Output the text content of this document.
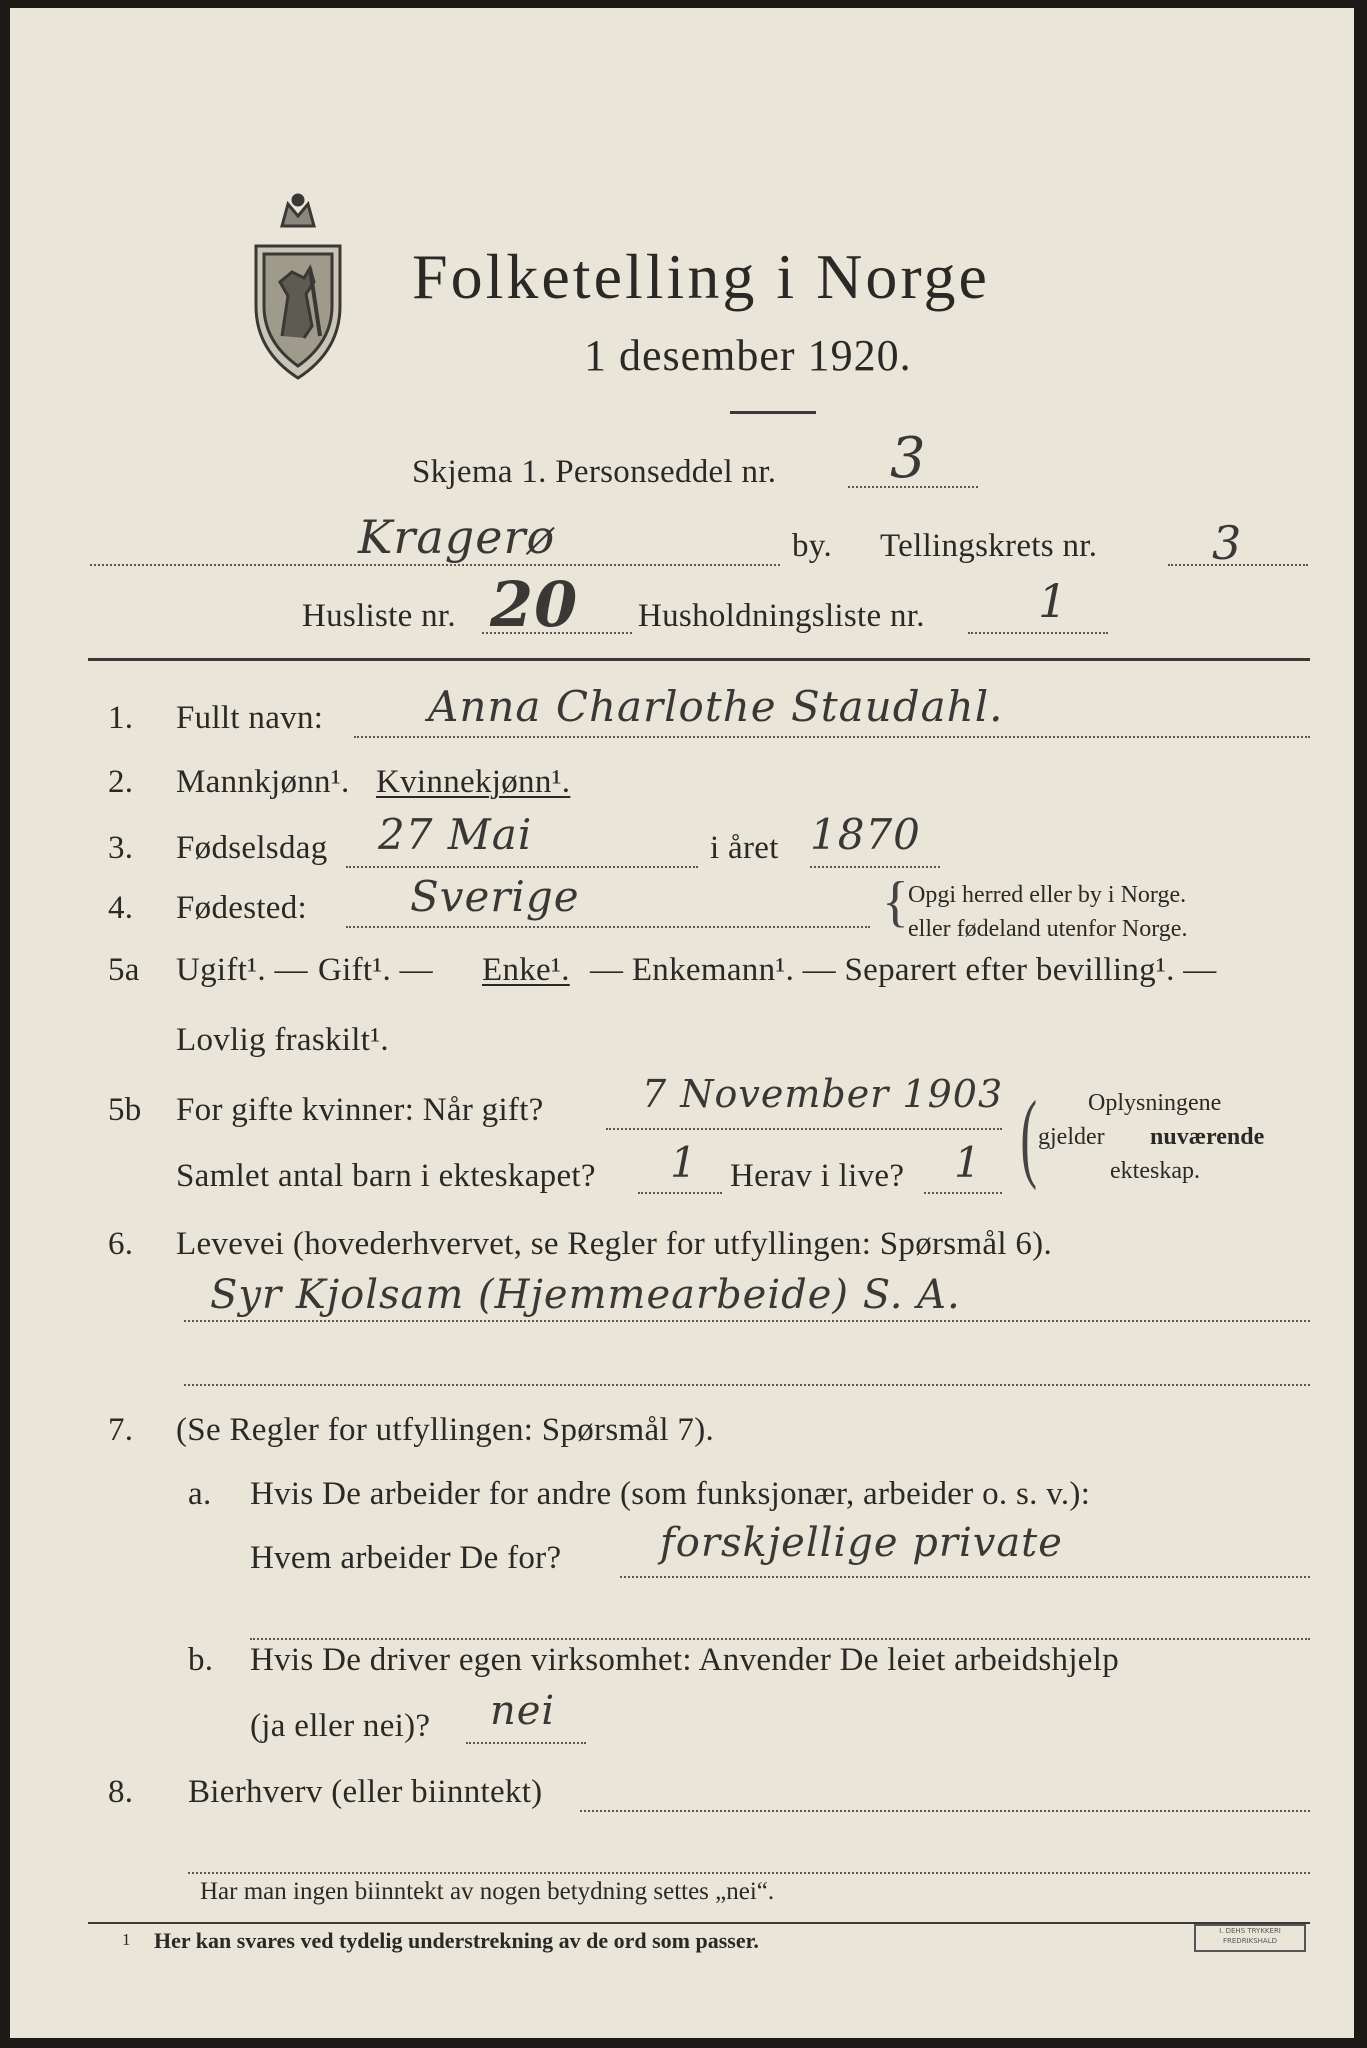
Folketelling i Norge
1 desember 1920.
Skjema 1. Personseddel nr. 3
Kragerø	by. Tellingskrets nr. 3
Husliste nr. 20 Husholdningsliste nr. 1
1. Fullt navn: Anna Charlothe Staudahl.
2. Mannkjønn¹. Kvinnekjønn¹.
3. Fødselsdag 27 Mai	i året 1870
4. Fødested: Sverige	{ Opgi herred eller by i Norge.
eller fødeland utenfor Norge.
5a Ugift¹. — Gift¹. — Enke¹. — Enkemann¹. — Separert efter bevilling¹. —
Lovlig fraskilt¹.
5b For gifte kvinner: Når gift?	7 November 1903
Samlet antal barn i ekteskapet? 1 Herav i live? 1 ( Oplysningene
gjelder nuværende
ekteskap.
6. Levevei (hovederhvervet, se Regler for utfyllingen: Spørsmål 6).
Syr Kjolsam (Hjemmearbeide) S. A.
7. (Se Regler for utfyllingen: Spørsmål 7).
a. Hvis De arbeider for andre (som funksjonær, arbeider o. s. v.):
Hvem arbeider De for? forskjellige private
b. Hvis De driver egen virksomhet: Anvender De leiet arbeidshjelp
(ja eller nei)? nei
8. Bierhverv (eller biinntekt)
Har man ingen biinntekt av nogen betydning settes „nei“.
1 Her kan svares ved tydelig understrekning av de ord som passer.	I. DEHS TRYKKERI
FREDRIKSHALD
